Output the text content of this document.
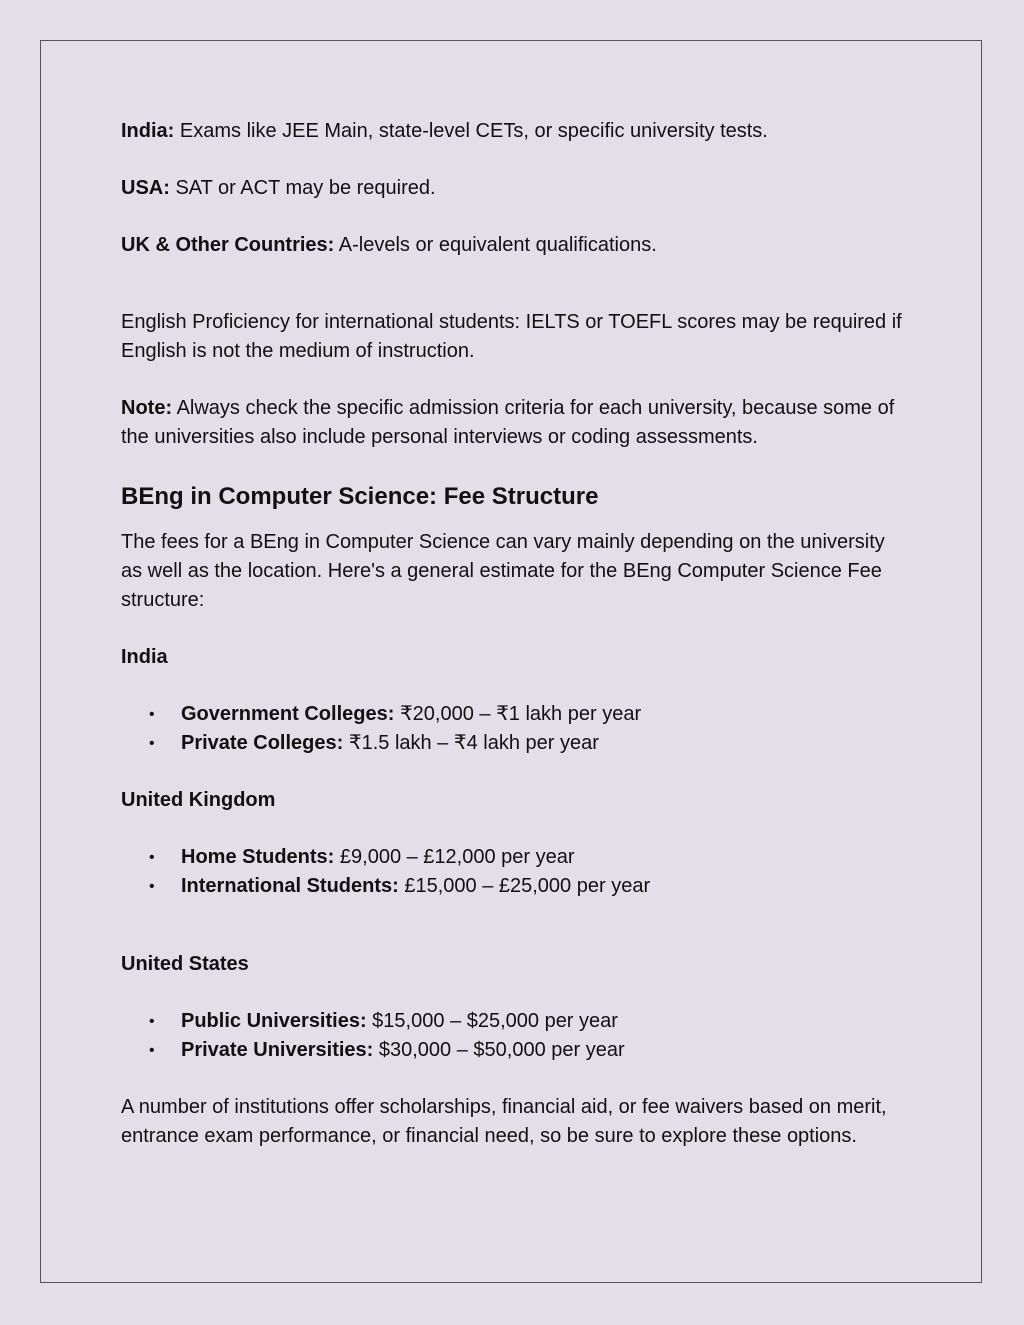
India: Exams like JEE Main, state-level CETs, or specific university tests.

USA: SAT or ACT may be required.

UK & Other Countries: A-levels or equivalent qualifications.

English Proficiency for international students: IELTS or TOEFL scores may be required if English is not the medium of instruction.

Note: Always check the specific admission criteria for each university, because some of the universities also include personal interviews or coding assessments.

BEng in Computer Science: Fee Structure

The fees for a BEng in Computer Science can vary mainly depending on the university as well as the location. Here's a general estimate for the BEng Computer Science Fee structure:

India

• Government Colleges: ₹20,000 – ₹1 lakh per year
• Private Colleges: ₹1.5 lakh – ₹4 lakh per year

United Kingdom

• Home Students: £9,000 – £12,000 per year
• International Students: £15,000 – £25,000 per year

United States

• Public Universities: $15,000 – $25,000 per year
• Private Universities: $30,000 – $50,000 per year

A number of institutions offer scholarships, financial aid, or fee waivers based on merit, entrance exam performance, or financial need, so be sure to explore these options.
